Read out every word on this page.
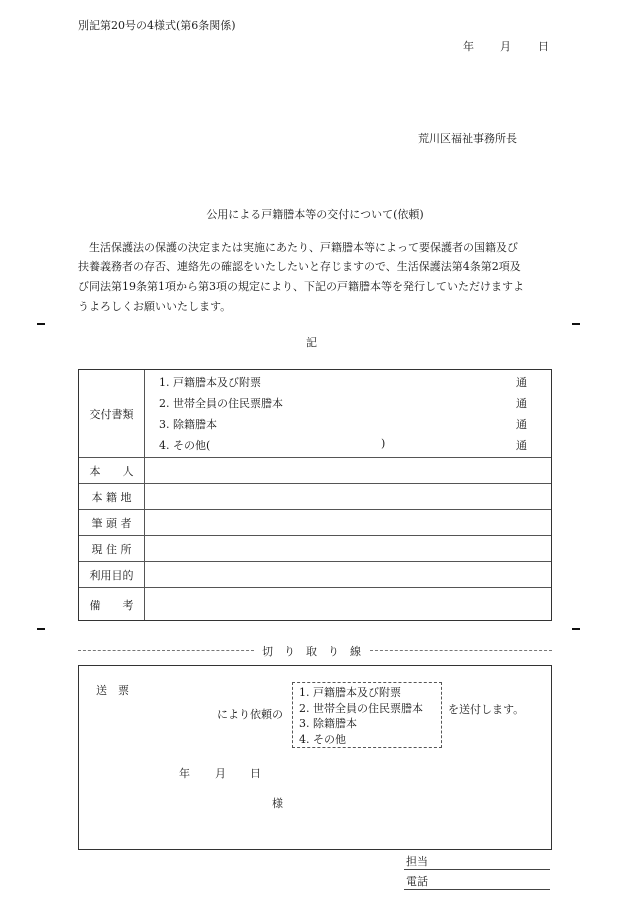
別記第20号の4様式(第6条関係)
年 月 日
荒川区福祉事務所長
公用による戸籍謄本等の交付について(依頼)
生活保護法の保護の決定または実施にあたり、戸籍謄本等によって要保護者の国籍及び
扶養義務者の存否、連絡先の確認をいたしたいと存じますので、生活保護法第4条第2項及
び同法第19条第1項から第3項の規定により、下記の戸籍謄本等を発行していただけますよ
うよろしくお願いいたします。
記
交付書類
1. 戸籍謄本及び附票
2. 世帯全員の住民票謄本
3. 除籍謄本
4. その他(	)
通
通
通
通
本　　人
本 籍 地
筆 頭 者
現 住 所
利用目的
備　　考
切　り　取　り　線
送　票
により依頼の
1. 戸籍謄本及び附票
2. 世帯全員の住民票謄本
3. 除籍謄本
4. その他
を送付します。
年 月 日
様
担当
電話
